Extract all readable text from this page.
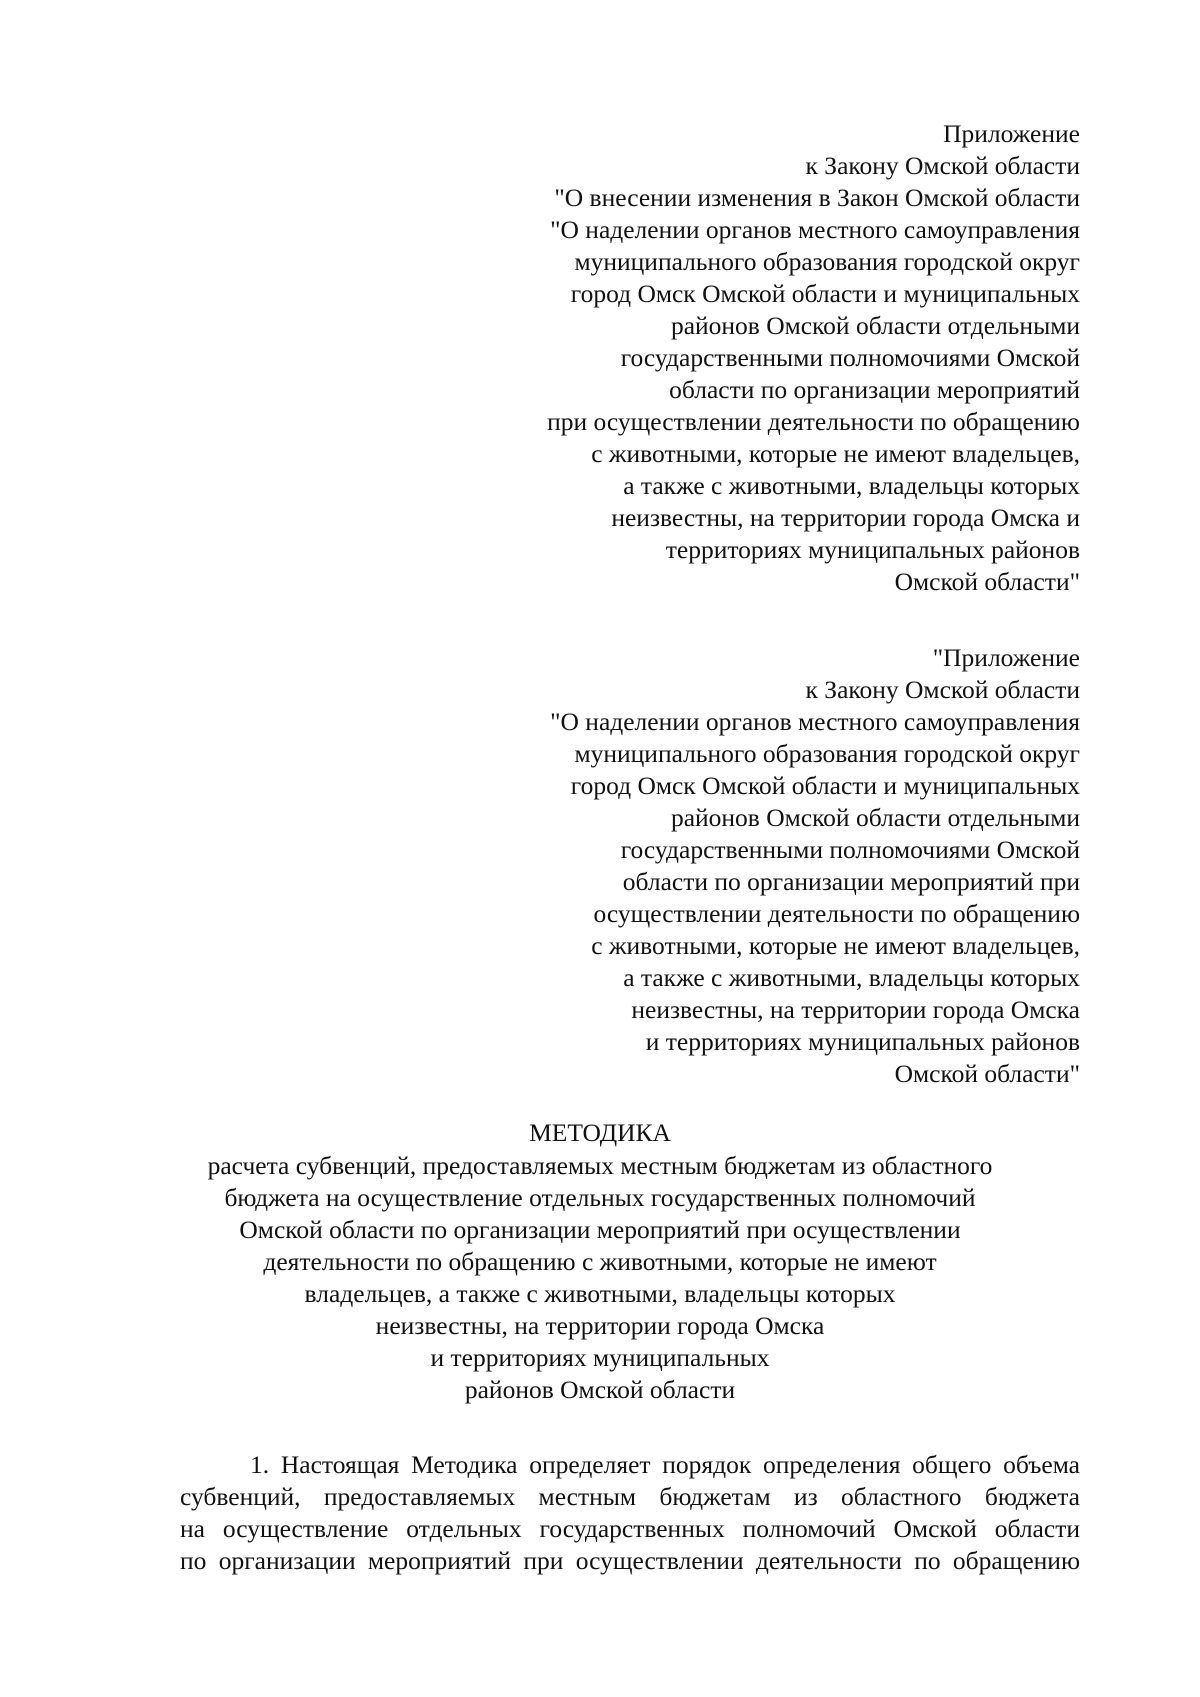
Приложение
к Закону Омской области
"О внесении изменения в Закон Омской области
"О наделении органов местного самоуправления
муниципального образования городской округ
город Омск Омской области и муниципальных
районов Омской области отдельными
государственными полномочиями Омской
области по организации мероприятий
при осуществлении деятельности по обращению
с животными, которые не имеют владельцев,
а также с животными, владельцы которых
неизвестны, на территории города Омска и
территориях муниципальных районов
Омской области"
"Приложение
к Закону Омской области
"О наделении органов местного самоуправления
муниципального образования городской округ
город Омск Омской области и муниципальных
районов Омской области отдельными
государственными полномочиями Омской
области по организации мероприятий при
осуществлении деятельности по обращению
с животными, которые не имеют владельцев,
а также с животными, владельцы которых
неизвестны, на территории города Омска
и территориях муниципальных районов
Омской области"
МЕТОДИКА
расчета субвенций, предоставляемых местным бюджетам из областного
бюджета на осуществление отдельных государственных полномочий
Омской области по организации мероприятий при осуществлении
деятельности по обращению с животными, которые не имеют
владельцев, а также с животными, владельцы которых
неизвестны, на территории города Омска
и территориях муниципальных
районов Омской области
1. Настоящая Методика определяет порядок определения общего объема
субвенций, предоставляемых местным бюджетам из областного бюджета
на осуществление отдельных государственных полномочий Омской области
по организации мероприятий при осуществлении деятельности по обращению
